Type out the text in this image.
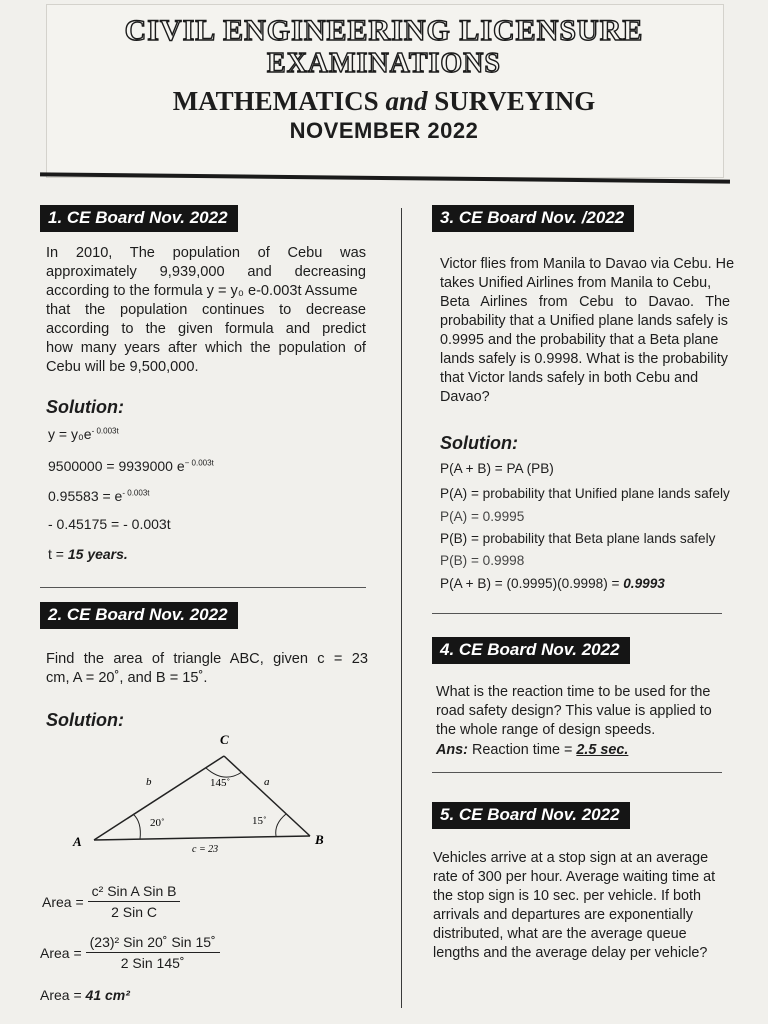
CIVIL ENGINEERING LICENSURE
EXAMINATIONS
MATHEMATICS and SURVEYING
NOVEMBER 2022
1. CE Board Nov. 2022
In 2010, The population of Cebu was
approximately 9,939,000 and decreasing
according to the formula y = y₀ e-0.003t Assume
that the population continues to decrease
according to the given formula and predict
how many years after which the population of
Cebu will be 9,500,000.
Solution:
$y = y_0e^{- 0.003t}$
9500000 = 9939000 $e^{- 0.003t}$
$0.95583 = e^{- 0.003t}$
- 0.45175 = - 0.003t
t = 15 years.
2. CE Board Nov. 2022
Find the area of triangle ABC, given c = 23
cm, A = 20˚, and B = 15˚.
Solution:
A	B
C
b	a
c = 23
20˚	15˚
145˚
Area = $\frac{\text{c² Sin A Sin B}}{\text{2 Sin C}}$
Area = $\frac{\text{(23)² Sin 20˚ Sin 15˚}}{\text{2 Sin 145˚}}$
Area = 41 cm²
3. CE Board Nov. /2022
Victor flies from Manila to Davao via Cebu. He
takes Unified Airlines from Manila to Cebu,
Beta Airlines from Cebu to Davao. The
probability that a Unified plane lands safely is
0.9995 and the probability that a Beta plane
lands safely is 0.9998. What is the probability
that Victor lands safely in both Cebu and
Davao?
Solution:
P(A + B) = PA (PB)
P(A) = probability that Unified plane lands safely
P(A) = 0.9995
P(B) = probability that Beta plane lands safely
P(B) = 0.9998
P(A + B) = (0.9995)(0.9998) = 0.9993
4. CE Board Nov. 2022
What is the reaction time to be used for the
road safety design? This value is applied to
the whole range of design speeds.
Ans: Reaction time = 2.5 sec.
5. CE Board Nov. 2022
Vehicles arrive at a stop sign at an average
rate of 300 per hour. Average waiting time at
the stop sign is 10 sec. per vehicle. If both
arrivals and departures are exponentially
distributed, what are the average queue
lengths and the average delay per vehicle?
